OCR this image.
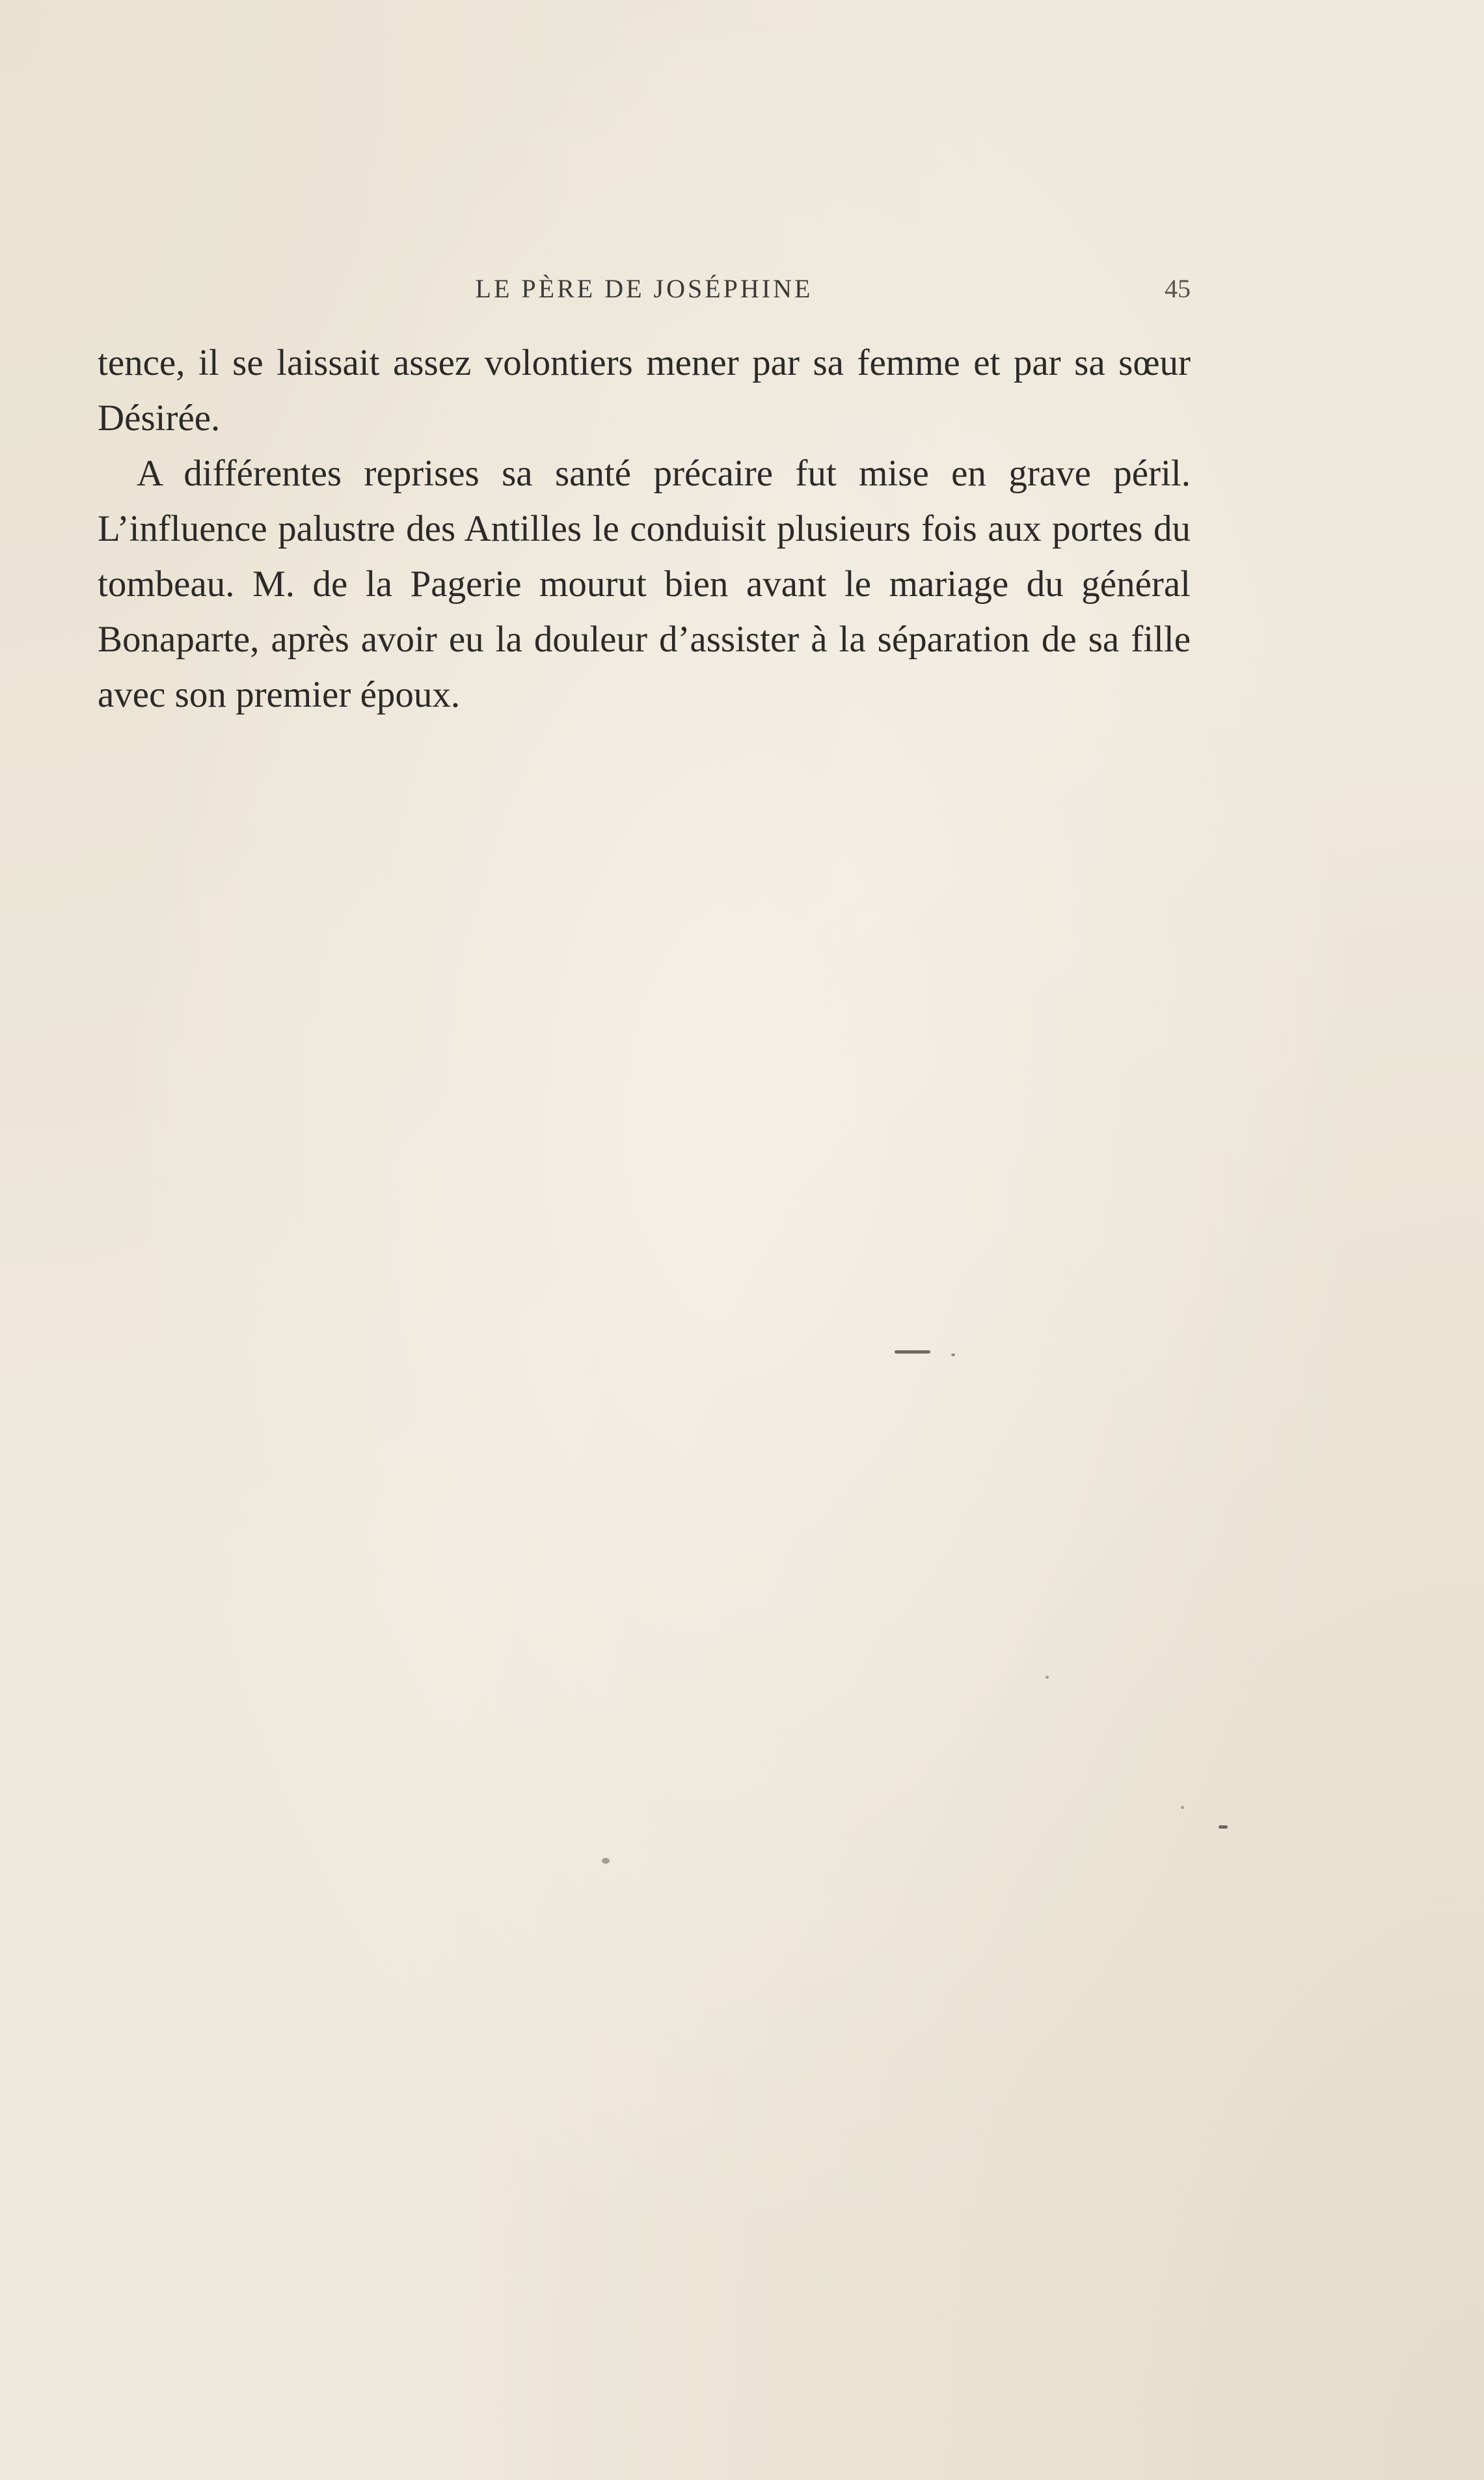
LE PÈRE DE JOSÉPHINE	45

tence, il se laissait assez volontiers mener par sa femme et par sa sœur Désirée.

A différentes reprises sa santé précaire fut mise en grave péril. L’influence palustre des Antilles le conduisit plusieurs fois aux portes du tombeau. M. de la Pagerie mourut bien avant le mariage du général Bonaparte, après avoir eu la douleur d’assister à la séparation de sa fille avec son premier époux.
